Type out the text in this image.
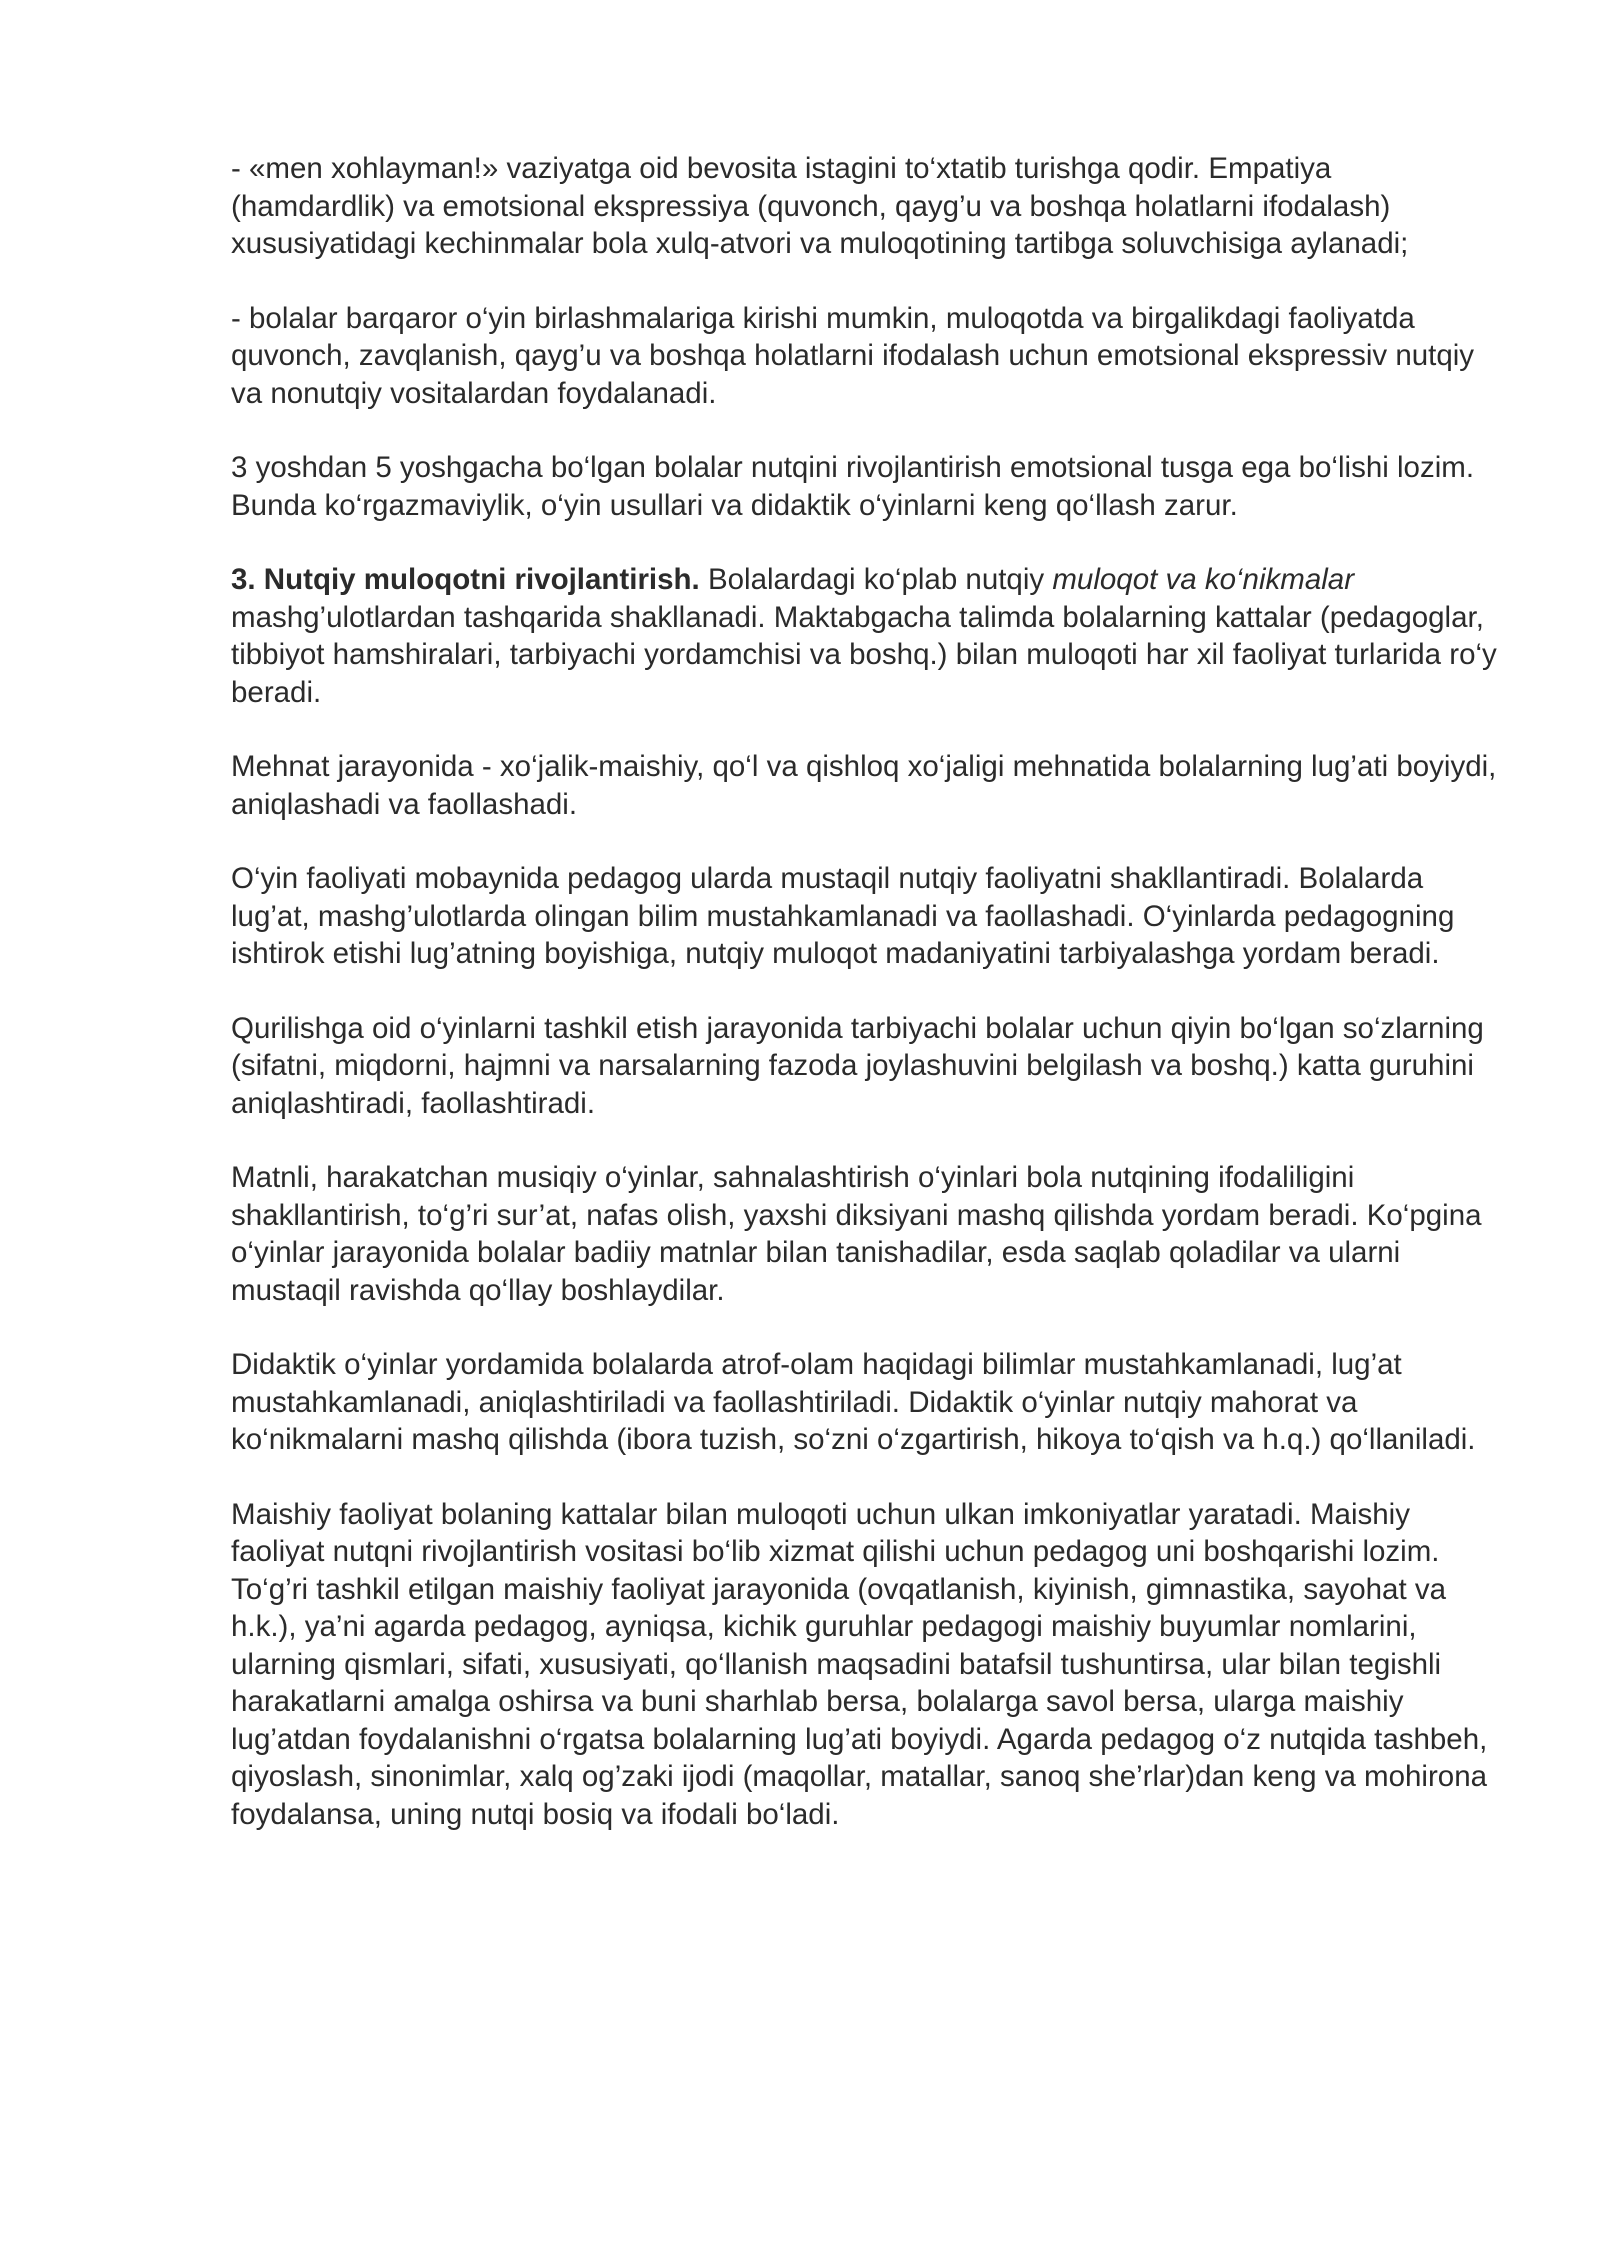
- «men xohlayman!» vaziyatga oid bevosita istagini to‘xtatib turishga qodir. Empatiya (hamdardlik) va emotsional ekspressiya (quvonch, qayg’u va boshqa holatlarni ifodalash) xususiyatidagi kechinmalar bola xulq-atvori va muloqotining tartibga soluvchisiga aylanadi;

- bolalar barqaror o‘yin birlashmalariga kirishi mumkin, muloqotda va birgalikdagi faoliyatda quvonch, zavqlanish, qayg’u va boshqa holatlarni ifodalash uchun emotsional ekspressiv nutqiy va nonutqiy vositalardan foydalanadi.

3 yoshdan 5 yoshgacha bo‘lgan bolalar nutqini rivojlantirish emotsional tusga ega bo‘lishi lozim. Bunda ko‘rgazmaviylik, o‘yin usullari va didaktik o‘yinlarni keng qo‘llash zarur.

3. Nutqiy muloqotni rivojlantirish. Bolalardagi ko‘plab nutqiy muloqot va ko‘nikmalar mashg’ulotlardan tashqarida shakllanadi. Maktabgacha talimda bolalarning kattalar (pedagoglar, tibbiyot hamshiralari, tarbiyachi yordamchisi va boshq.) bilan muloqoti har xil faoliyat turlarida ro‘y beradi.

Mehnat jarayonida - xo‘jalik-maishiy, qo‘l va qishloq xo‘jaligi mehnatida bolalarning lug’ati boyiydi, aniqlashadi va faollashadi.

O‘yin faoliyati mobaynida pedagog ularda mustaqil nutqiy faoliyatni shakllantiradi. Bolalarda lug’at, mashg’ulotlarda olingan bilim mustahkamlanadi va faollashadi. O‘yinlarda pedagogning ishtirok etishi lug’atning boyishiga, nutqiy muloqot madaniyatini tarbiyalashga yordam beradi.

Qurilishga oid o‘yinlarni tashkil etish jarayonida tarbiyachi bolalar uchun qiyin bo‘lgan so‘zlarning (sifatni, miqdorni, hajmni va narsalarning fazoda joylashuvini belgilash va boshq.) katta guruhini aniqlashtiradi, faollashtiradi.

Matnli, harakatchan musiqiy o‘yinlar, sahnalashtirish o‘yinlari bola nutqining ifodaliligini shakllantirish, to‘g’ri sur’at, nafas olish, yaxshi diksiyani mashq qilishda yordam beradi. Ko‘pgina o‘yinlar jarayonida bolalar badiiy matnlar bilan tanishadilar, esda saqlab qoladilar va ularni mustaqil ravishda qo‘llay boshlaydilar.

Didaktik o‘yinlar yordamida bolalarda atrof-olam haqidagi bilimlar mustahkamlanadi, lug’at mustahkamlanadi, aniqlashtiriladi va faollashtiriladi. Didaktik o‘yinlar nutqiy mahorat va ko‘nikmalarni mashq qilishda (ibora tuzish, so‘zni o‘zgartirish, hikoya to‘qish va h.q.) qo‘llaniladi.

Maishiy faoliyat bolaning kattalar bilan muloqoti uchun ulkan imkoniyatlar yaratadi. Maishiy faoliyat nutqni rivojlantirish vositasi bo‘lib xizmat qilishi uchun pedagog uni boshqarishi lozim. To‘g’ri tashkil etilgan maishiy faoliyat jarayonida (ovqatlanish, kiyinish, gimnastika, sayohat va h.k.), ya’ni agarda pedagog, ayniqsa, kichik guruhlar pedagogi maishiy buyumlar nomlarini, ularning qismlari, sifati, xususiyati, qo‘llanish maqsadini batafsil tushuntirsa, ular bilan tegishli harakatlarni amalga oshirsa va buni sharhlab bersa, bolalarga savol bersa, ularga maishiy lug’atdan foydalanishni o‘rgatsa bolalarning lug’ati boyiydi. Agarda pedagog o‘z nutqida tashbeh, qiyoslash, sinonimlar, xalq og’zaki ijodi (maqollar, matallar, sanoq she’rlar)dan keng va mohirona foydalansa, uning nutqi bosiq va ifodali bo‘ladi.
